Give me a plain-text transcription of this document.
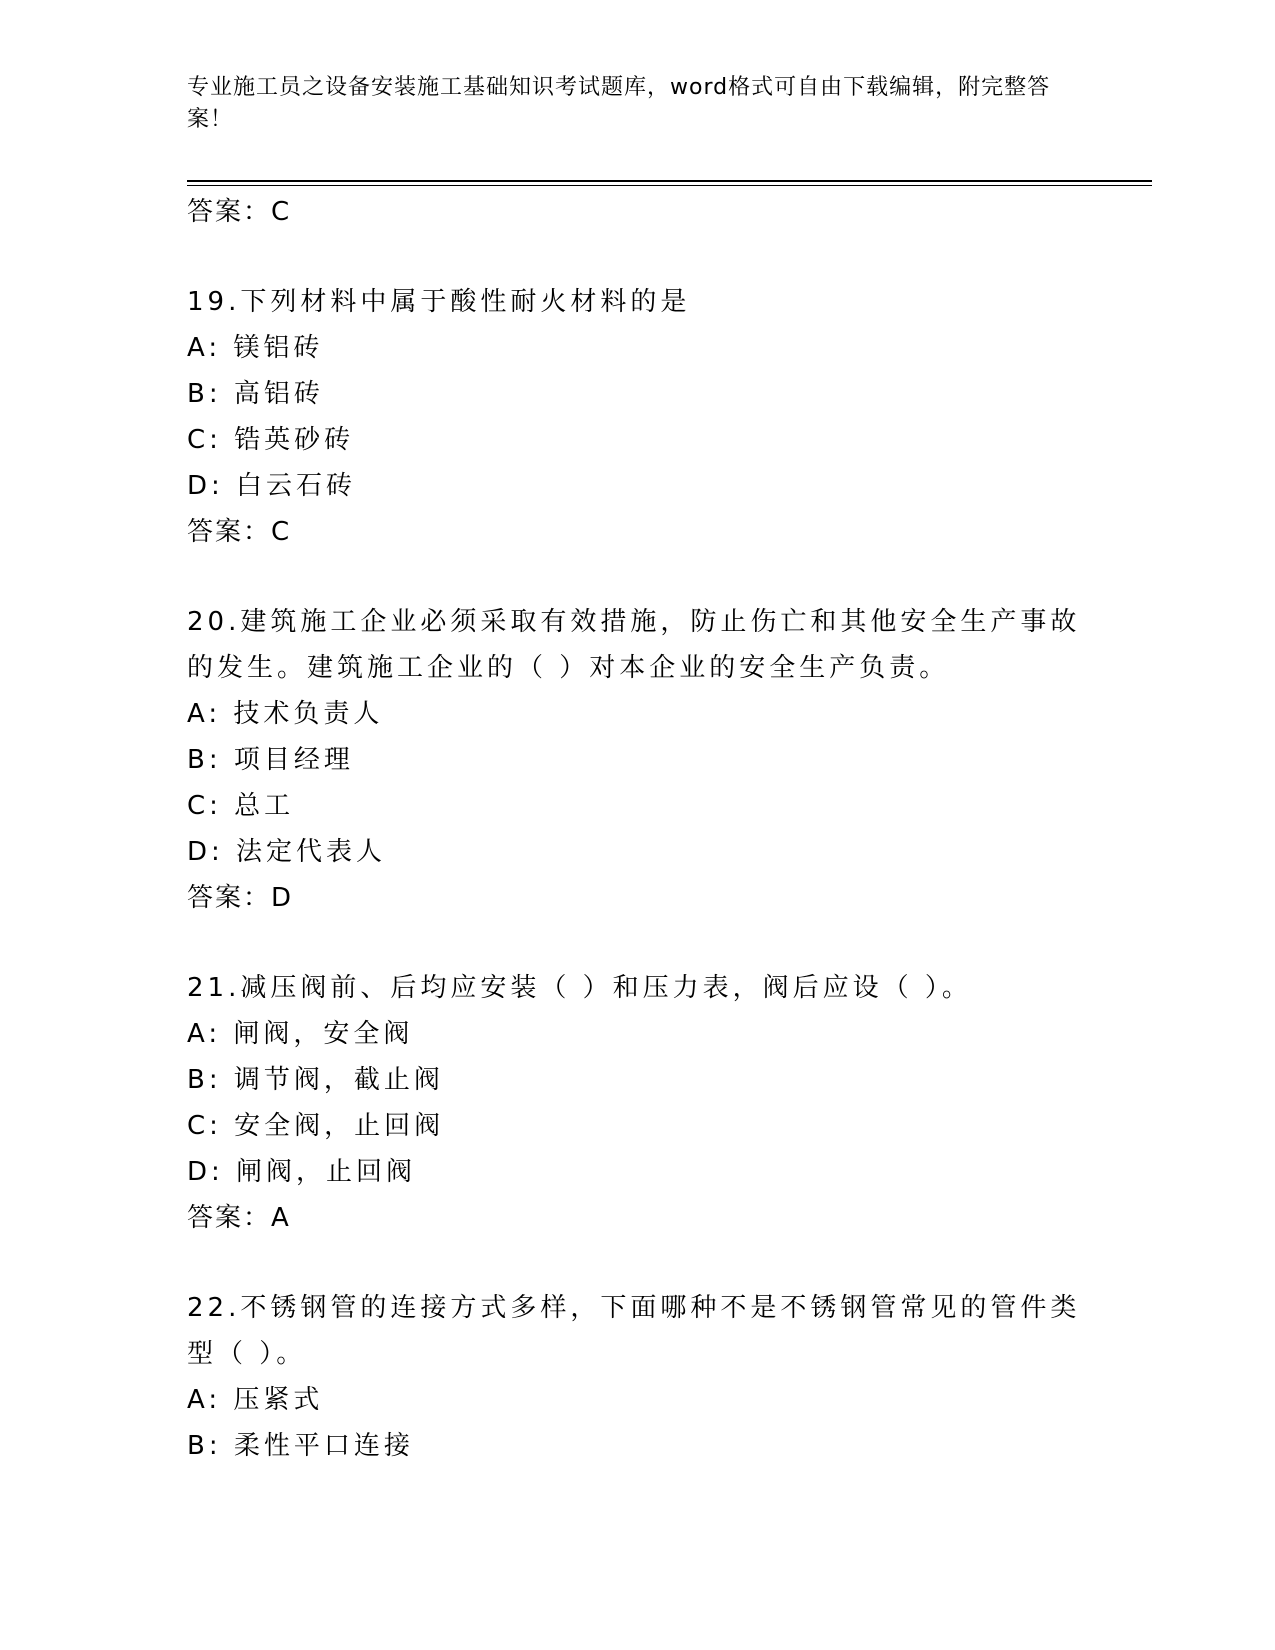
专业施工员之设备安装施工基础知识考试题库，word格式可自由下载编辑，附完整答案！
答案：C
19.下列材料中属于酸性耐火材料的是
A: 镁铝砖
B: 高铝砖
C: 锆英砂砖
D: 白云石砖
答案：C
20.建筑施工企业必须采取有效措施，防止伤亡和其他安全生产事故的发生。建筑施工企业的（ ）对本企业的安全生产负责。
A: 技术负责人
B: 项目经理
C: 总工
D: 法定代表人
答案：D
21.减压阀前、后均应安装（ ）和压力表，阀后应设（ ）。
A: 闸阀，安全阀
B: 调节阀，截止阀
C: 安全阀，止回阀
D: 闸阀，止回阀
答案：A
22.不锈钢管的连接方式多样，下面哪种不是不锈钢管常见的管件类型（ ）。
A: 压紧式
B: 柔性平口连接
